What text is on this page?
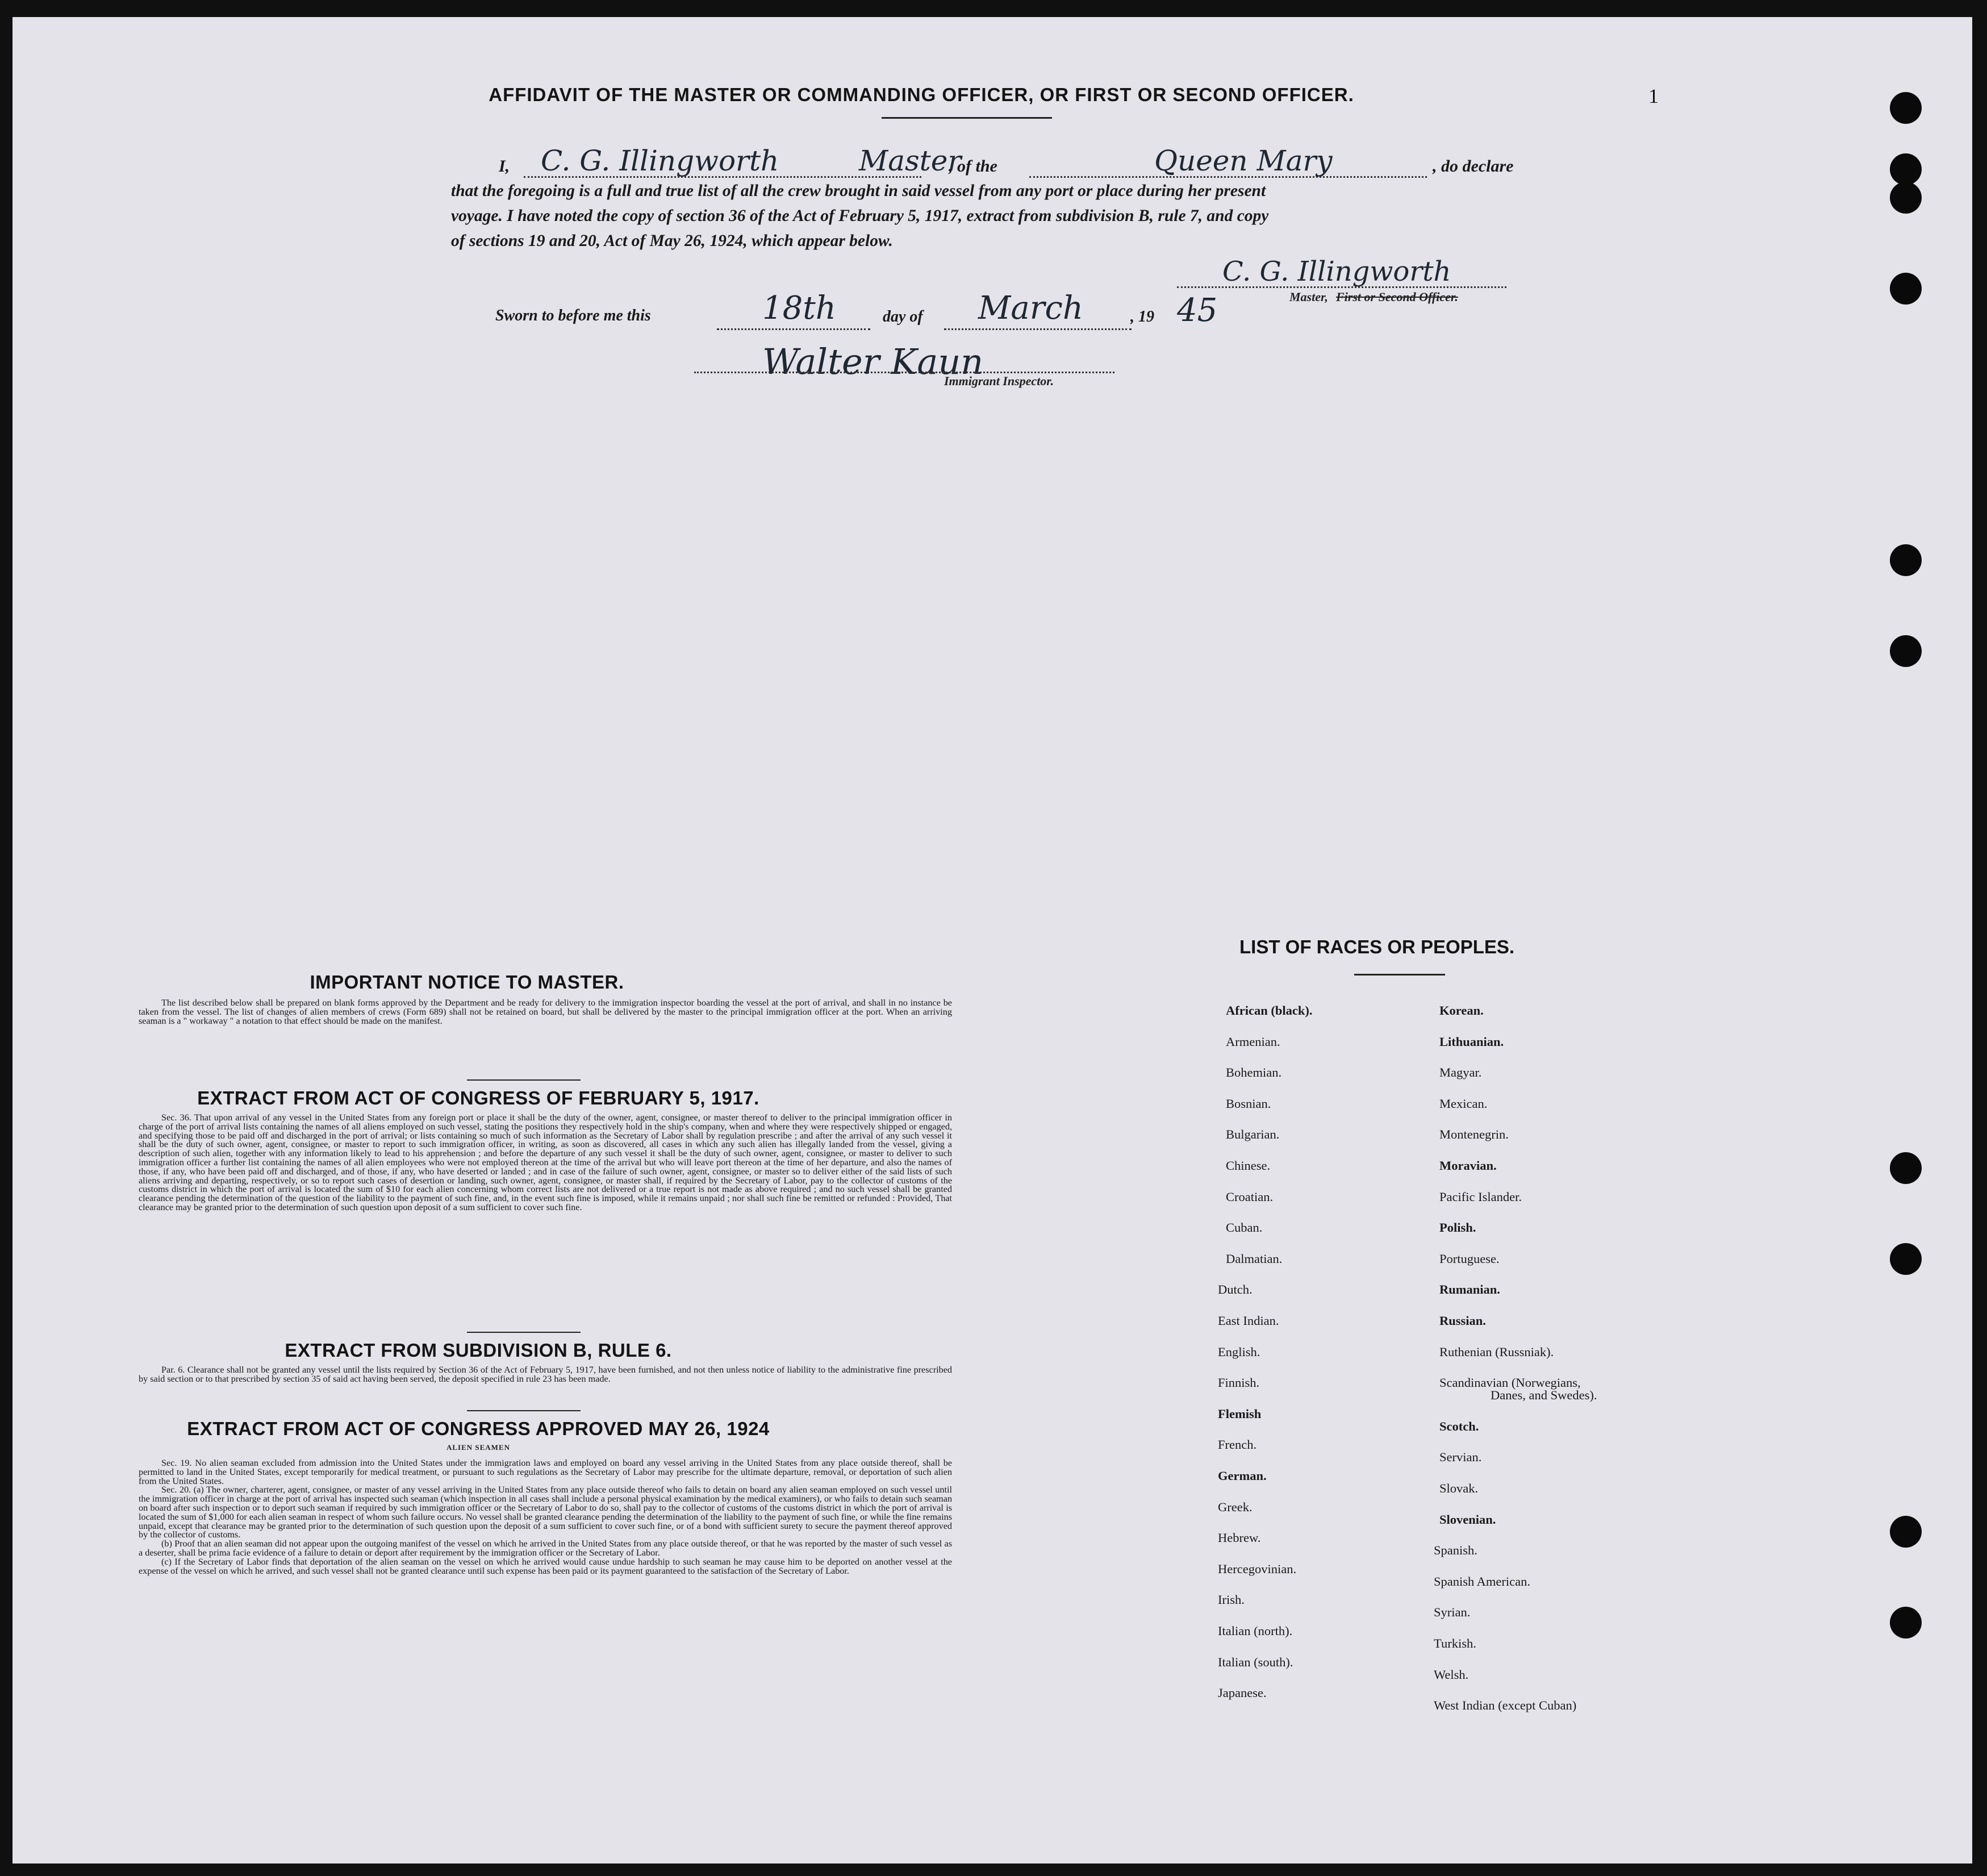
AFFIDAVIT OF THE MASTER OR COMMANDING OFFICER, OR FIRST OR SECOND OFFICER.	1
I, C. G. Illingworth	Master
, of the	Queen Mary	, do declare
that the foregoing is a full and true list of all the crew brought in said vessel from any port or place during her present
voyage. I have noted the copy of section 36 of the Act of February 5, 1917, extract from subdivision B, rule 7, and copy
of sections 19 and 20, Act of May 26, 1924, which appear below.
C. G. Illingworth
Master, First or Second Officer.
Sworn to before me this	18th	day of March	, 19 45
Walter Kaun
Immigrant Inspector.
IMPORTANT NOTICE TO MASTER.

The list described below shall be prepared on blank forms approved by the Department and be ready for delivery to the immigration inspector boarding the vessel at the port of arrival, and shall in no instance be taken from the vessel. The list of changes of alien members of crews (Form 689) shall not be retained on board, but shall be delivered by the master to the principal immigration officer at the port. When an arriving seaman is a " workaway " a notation to that effect should be made on the manifest.

EXTRACT FROM ACT OF CONGRESS OF FEBRUARY 5, 1917.

Sec. 36. That upon arrival of any vessel in the United States from any foreign port or place it shall be the duty of the owner, agent, consignee, or master thereof to deliver to the principal immigration officer in charge of the port of arrival lists containing the names of all aliens employed on such vessel, stating the positions they respectively hold in the ship's company, when and where they were respectively shipped or engaged, and specifying those to be paid off and discharged in the port of arrival; or lists containing so much of such information as the Secretary of Labor shall by regulation prescribe ; and after the arrival of any such vessel it shall be the duty of such owner, agent, consignee, or master to report to such immigration officer, in writing, as soon as discovered, all cases in which any such alien has illegally landed from the vessel, giving a description of such alien, together with any information likely to lead to his apprehension ; and before the departure of any such vessel it shall be the duty of such owner, agent, consignee, or master to deliver to such immigration officer a further list containing the names of all alien employees who were not employed thereon at the time of the arrival but who will leave port thereon at the time of her departure, and also the names of those, if any, who have been paid off and discharged, and of those, if any, who have deserted or landed ; and in case of the failure of such owner, agent, consignee, or master so to deliver either of the said lists of such aliens arriving and departing, respectively, or so to report such cases of desertion or landing, such owner, agent, consignee, or master shall, if required by the Secretary of Labor, pay to the collector of customs of the customs district in which the port of arrival is located the sum of $10 for each alien concerning whom correct lists are not delivered or a true report is not made as above required ; and no such vessel shall be granted clearance pending the determination of the question of the liability to the payment of such fine, and, in the event such fine is imposed, while it remains unpaid ; nor shall such fine be remitted or refunded : Provided, That clearance may be granted prior to the determination of such question upon deposit of a sum sufficient to cover such fine.

EXTRACT FROM SUBDIVISION B, RULE 6.

Par. 6. Clearance shall not be granted any vessel until the lists required by Section 36 of the Act of February 5, 1917, have been furnished, and not then unless notice of liability to the administrative fine prescribed by said section or to that prescribed by section 35 of said act having been served, the deposit specified in rule 23 has been made.

EXTRACT FROM ACT OF CONGRESS APPROVED MAY 26, 1924
ALIEN SEAMEN

Sec. 19. No alien seaman excluded from admission into the United States under the immigration laws and employed on board any vessel arriving in the United States from any place outside thereof, shall be permitted to land in the United States, except temporarily for medical treatment, or pursuant to such regulations as the Secretary of Labor may prescribe for the ultimate departure, removal, or deportation of such alien from the United States.

Sec. 20. (a) The owner, charterer, agent, consignee, or master of any vessel arriving in the United States from any place outside thereof who fails to detain on board any alien seaman employed on such vessel until the immigration officer in charge at the port of arrival has inspected such seaman (which inspection in all cases shall include a personal physical examination by the medical examiners), or who fails to detain such seaman on board after such inspection or to deport such seaman if required by such immigration officer or the Secretary of Labor to do so, shall pay to the collector of customs of the customs district in which the port of arrival is located the sum of $1,000 for each alien seaman in respect of whom such failure occurs. No vessel shall be granted clearance pending the determination of the liability to the payment of such fine, or while the fine remains unpaid, except that clearance may be granted prior to the determination of such question upon the deposit of a sum sufficient to cover such fine, or of a bond with sufficient surety to secure the payment thereof approved by the collector of customs.

(b) Proof that an alien seaman did not appear upon the outgoing manifest of the vessel on which he arrived in the United States from any place outside thereof, or that he was reported by the master of such vessel as a deserter, shall be prima facie evidence of a failure to detain or deport after requirement by the immigration officer or the Secretary of Labor.

(c) If the Secretary of Labor finds that deportation of the alien seaman on the vessel on which he arrived would cause undue hardship to such seaman he may cause him to be deported on another vessel at the expense of the vessel on which he arrived, and such vessel shall not be granted clearance until such expense has been paid or its payment guaranteed to the satisfaction of the Secretary of Labor.

LIST OF RACES OR PEOPLES.
African (black).
Armenian.
Bohemian.
Bosnian.
Bulgarian.
Chinese.
Croatian.
Cuban.
Dalmatian.
Dutch.
East Indian.
English.
Finnish.
Flemish
French.
German.
Greek.
Hebrew.
Hercegovinian.
Irish.
Italian (north).
Italian (south).
Japanese.
Korean.
Lithuanian.
Magyar.
Mexican.
Montenegrin.
Moravian.
Pacific Islander.
Polish.
Portuguese.
Rumanian.
Russian.
Ruthenian (Russniak).
Scandinavian (Norwegians,
Scotch.
Servian.
Slovak.
Slovenian.
Spanish.
Spanish American.
Syrian.
Turkish.
Welsh.
West Indian (except Cuban)
Danes, and Swedes).
